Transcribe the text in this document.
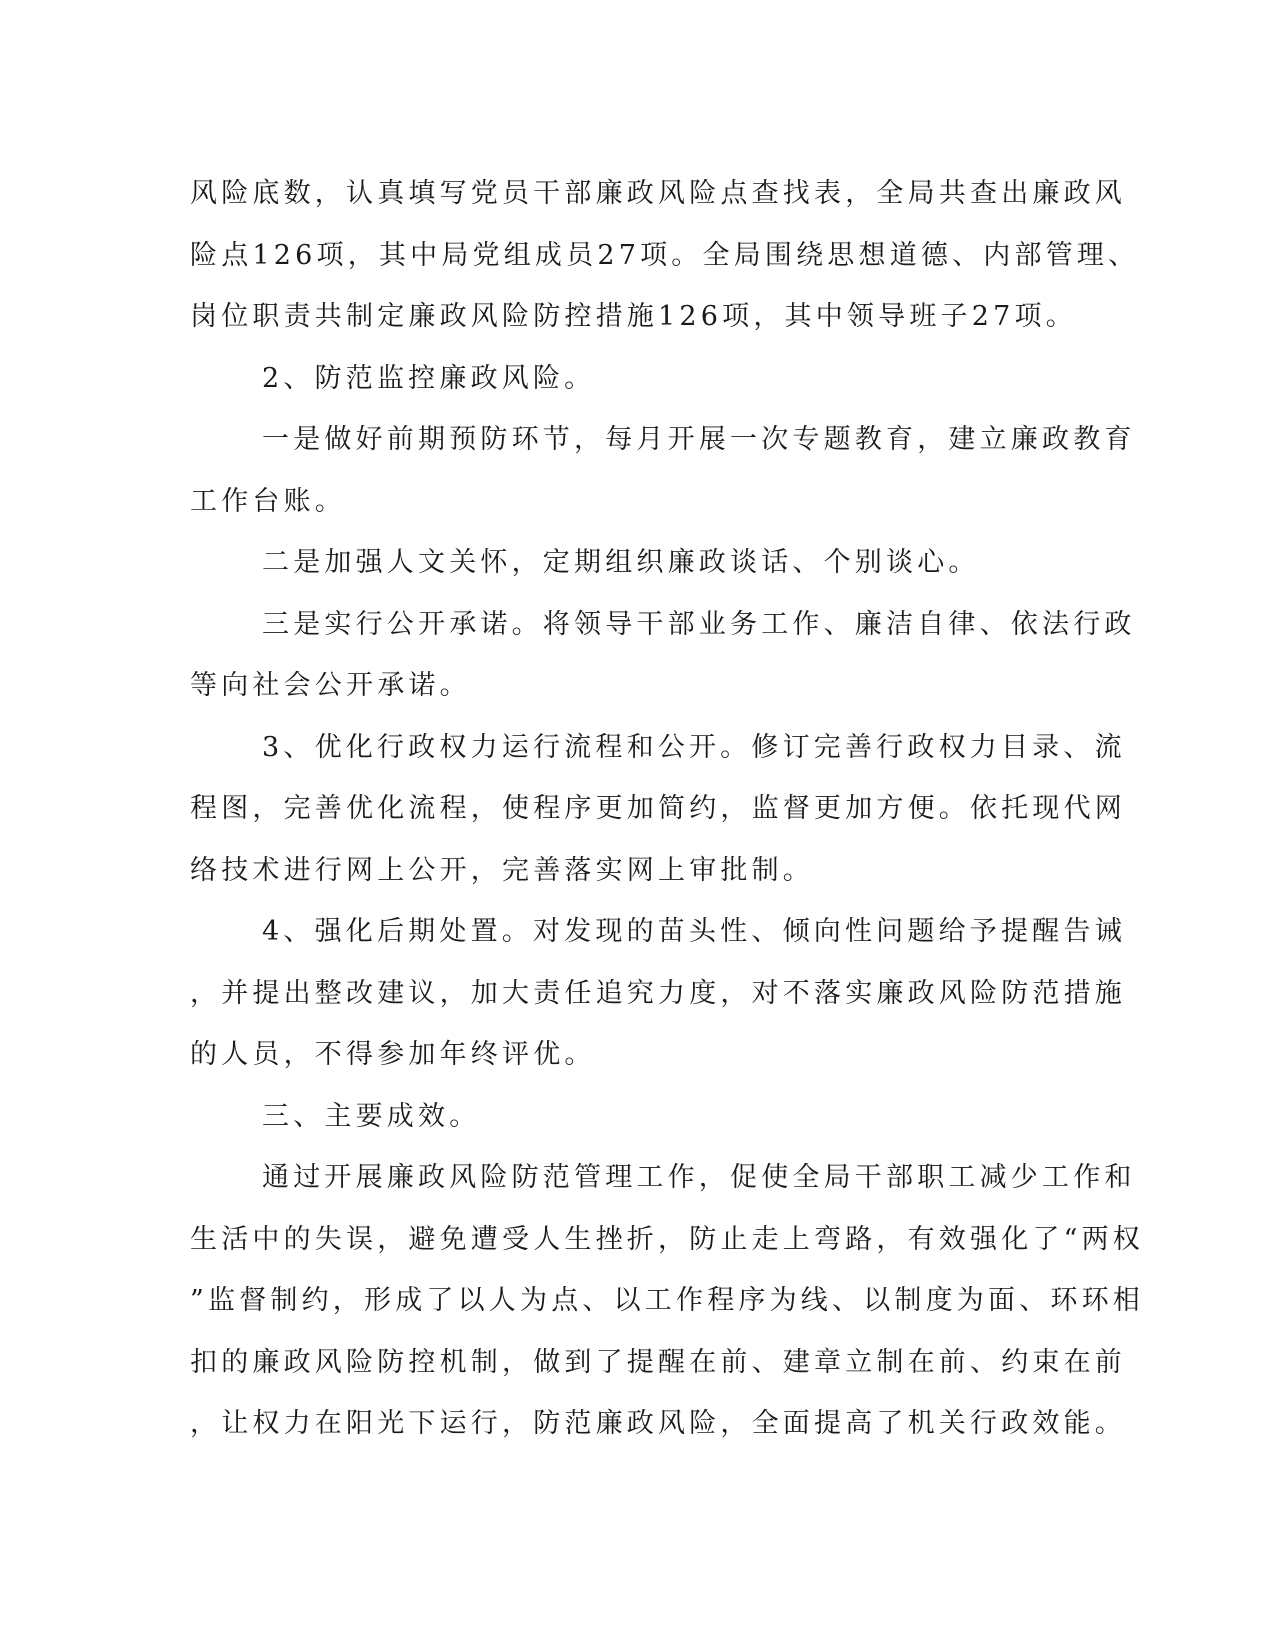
风险底数，认真填写党员干部廉政风险点查找表，全局共查出廉政风
险点126项，其中局党组成员27项。全局围绕思想道德、内部管理、
岗位职责共制定廉政风险防控措施126项，其中领导班子27项。
2、防范监控廉政风险。
一是做好前期预防环节，每月开展一次专题教育，建立廉政教育
工作台账。
二是加强人文关怀，定期组织廉政谈话、个别谈心。
三是实行公开承诺。将领导干部业务工作、廉洁自律、依法行政
等向社会公开承诺。
3、优化行政权力运行流程和公开。修订完善行政权力目录、流
程图，完善优化流程，使程序更加简约，监督更加方便。依托现代网
络技术进行网上公开，完善落实网上审批制。
4、强化后期处置。对发现的苗头性、倾向性问题给予提醒告诫
，并提出整改建议，加大责任追究力度，对不落实廉政风险防范措施
的人员，不得参加年终评优。
三、主要成效。
通过开展廉政风险防范管理工作，促使全局干部职工减少工作和
生活中的失误，避免遭受人生挫折，防止走上弯路，有效强化了“两权
”监督制约，形成了以人为点、以工作程序为线、以制度为面、环环相
扣的廉政风险防控机制，做到了提醒在前、建章立制在前、约束在前
，让权力在阳光下运行，防范廉政风险，全面提高了机关行政效能。
